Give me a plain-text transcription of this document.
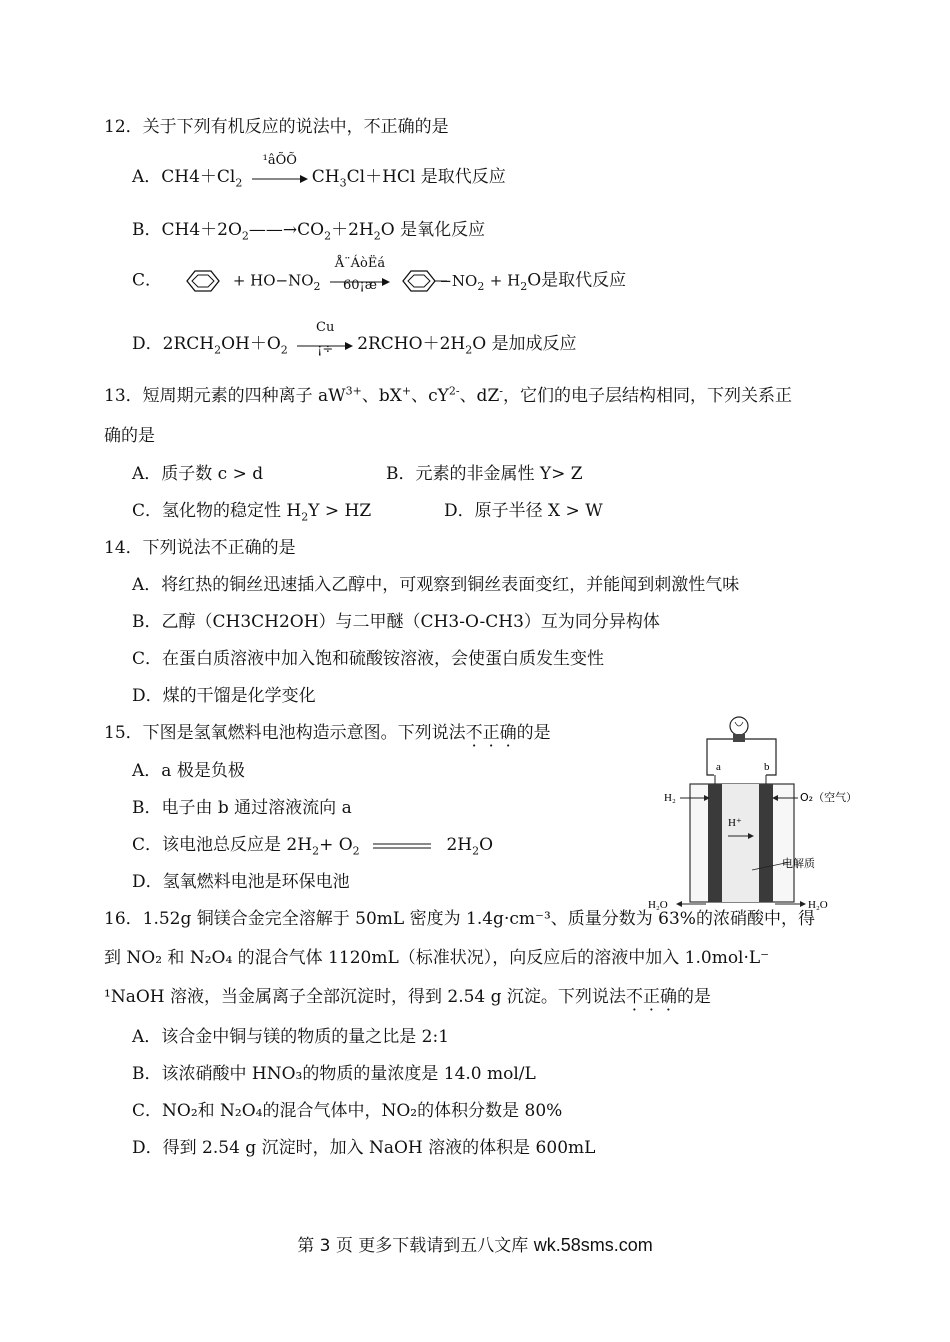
12．关于下列有机反应的说法中，不正确的是
A．$CH4+Cl_2$
¹âÕÕ
$CH_3Cl+HCl$ 是取代反应
B．$CH4+2O_2——\to CO_2+2H_2O$ 是氧化反应
C．	+ $HO-NO_2$
Å¨ÁòËá
60¡æ	$-NO_2 + H_2O$是取代反应
D．$2RCH_2OH+O_2$
Cu
¡÷	$2RCHO+2H_2O$ 是加成反应
13．短周期元素的四种离子 $aW^{3+}$、bX+、$cY^{2-}$、dZ-，它们的电子层结构相同，下列关系正
确的是
A．质子数 c > d	B．元素的非金属性 Y> Z
C．氢化物的稳定性 $H_2Y$ > HZ	D．原子半径 X > W
14．下列说法不正确的是
A．将红热的铜丝迅速插入乙醇中，可观察到铜丝表面变红，并能闻到刺激性气味
B．乙醇（CH3CH2OH）与二甲醚（CH3-O-CH3）互为同分异构体
C．在蛋白质溶液中加入饱和硫酸铵溶液，会使蛋白质发生变性
D．煤的干馏是化学变化
15．下图是氢氧燃料电池构造示意图。下列说法不正确的是
A．a 极是负极
B．电子由 b 通过溶液流向 a
C．该电池总反应是 $2H_2+ O_2$	$2H_2O$
D．氢氧燃料电池是环保电池
a	b
H₂	O₂（空气）
H⁺
电解质
H₂O	H₂O
16．1.52g 铜镁合金完全溶解于 50mL 密度为 1.4g·cm⁻³、质量分数为 63%的浓硝酸中，得
到 NO₂ 和 N₂O₄ 的混合气体 1120mL（标准状况），向反应后的溶液中加入 1.0mol·L⁻
¹NaOH 溶液，当金属离子全部沉淀时，得到 2.54 g 沉淀。下列说法不正确的是
A．该合金中铜与镁的物质的量之比是 2:1
B．该浓硝酸中 HNO₃的物质的量浓度是 14.0 mol/L
C．NO₂和 N₂O₄的混合气体中，NO₂的体积分数是 80%
D．得到 2.54 g 沉淀时，加入 NaOH 溶液的体积是 600mL
第 3 页 更多下载请到五八文库 wk.58sms.com
